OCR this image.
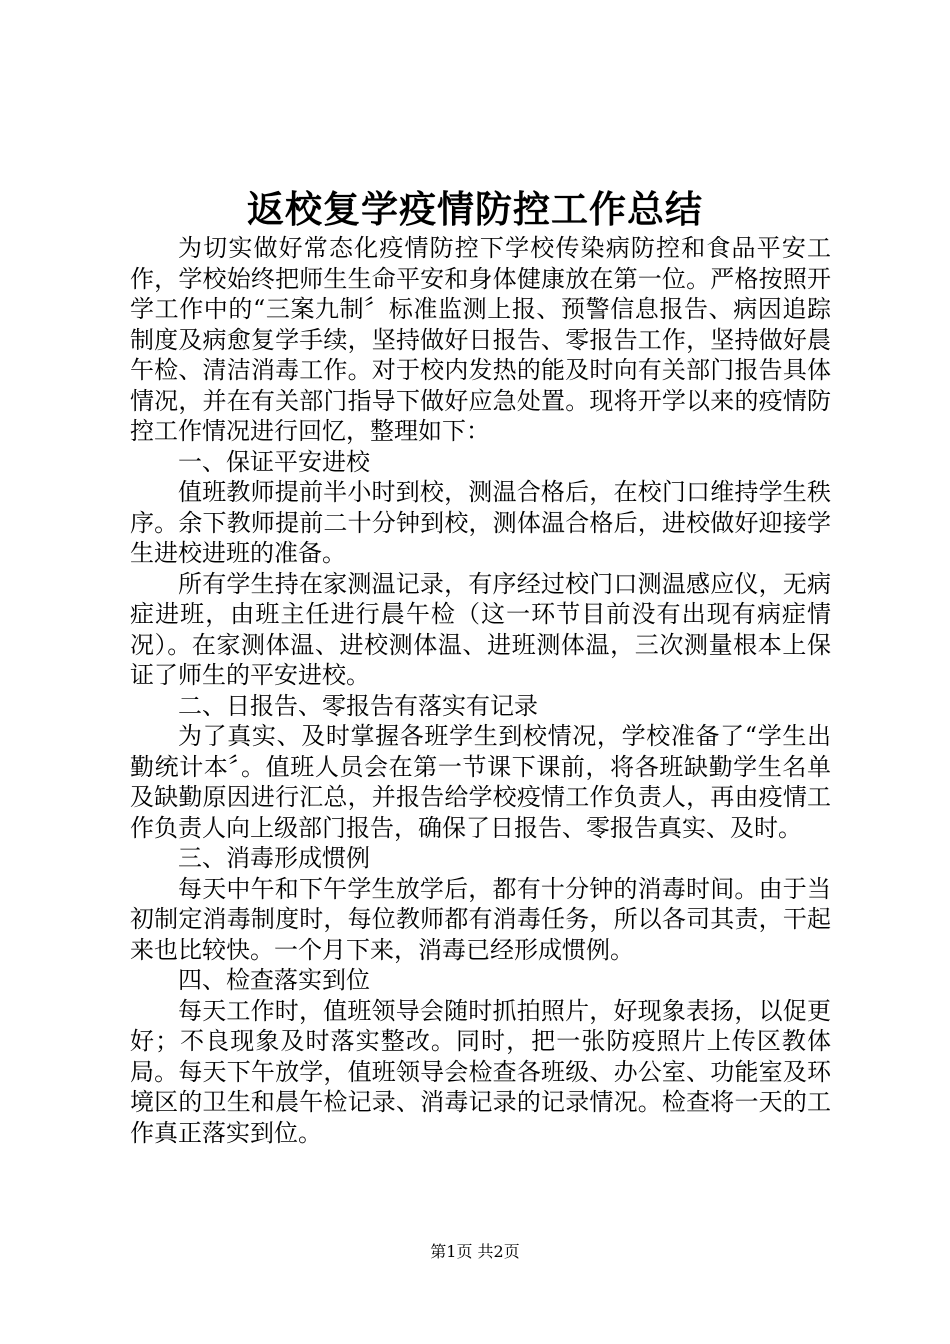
返校复学疫情防控工作总结

为切实做好常态化疫情防控下学校传染病防控和食品平安工作，学校始终把师生生命平安和身体健康放在第一位。严格按照开学工作中的“三案九制〞标准监测上报、预警信息报告、病因追踪制度及病愈复学手续，坚持做好日报告、零报告工作，坚持做好晨午检、清洁消毒工作。对于校内发热的能及时向有关部门报告具体情况，并在有关部门指导下做好应急处置。现将开学以来的疫情防控工作情况进行回忆，整理如下：

一、保证平安进校

值班教师提前半小时到校，测温合格后，在校门口维持学生秩序。余下教师提前二十分钟到校，测体温合格后，进校做好迎接学生进校进班的准备。

所有学生持在家测温记录，有序经过校门口测温感应仪，无病症进班，由班主任进行晨午检（这一环节目前没有出现有病症情况）。在家测体温、进校测体温、进班测体温，三次测量根本上保证了师生的平安进校。

二、日报告、零报告有落实有记录

为了真实、及时掌握各班学生到校情况，学校准备了“学生出勤统计本〞。值班人员会在第一节课下课前，将各班缺勤学生名单及缺勤原因进行汇总，并报告给学校疫情工作负责人，再由疫情工作负责人向上级部门报告，确保了日报告、零报告真实、及时。

三、消毒形成惯例

每天中午和下午学生放学后，都有十分钟的消毒时间。由于当初制定消毒制度时，每位教师都有消毒任务，所以各司其责，干起来也比较快。一个月下来，消毒已经形成惯例。

四、检查落实到位

每天工作时，值班领导会随时抓拍照片，好现象表扬，以促更好；不良现象及时落实整改。同时，把一张防疫照片上传区教体局。每天下午放学，值班领导会检查各班级、办公室、功能室及环境区的卫生和晨午检记录、消毒记录的记录情况。检查将一天的工作真正落实到位。

第1页 共2页
